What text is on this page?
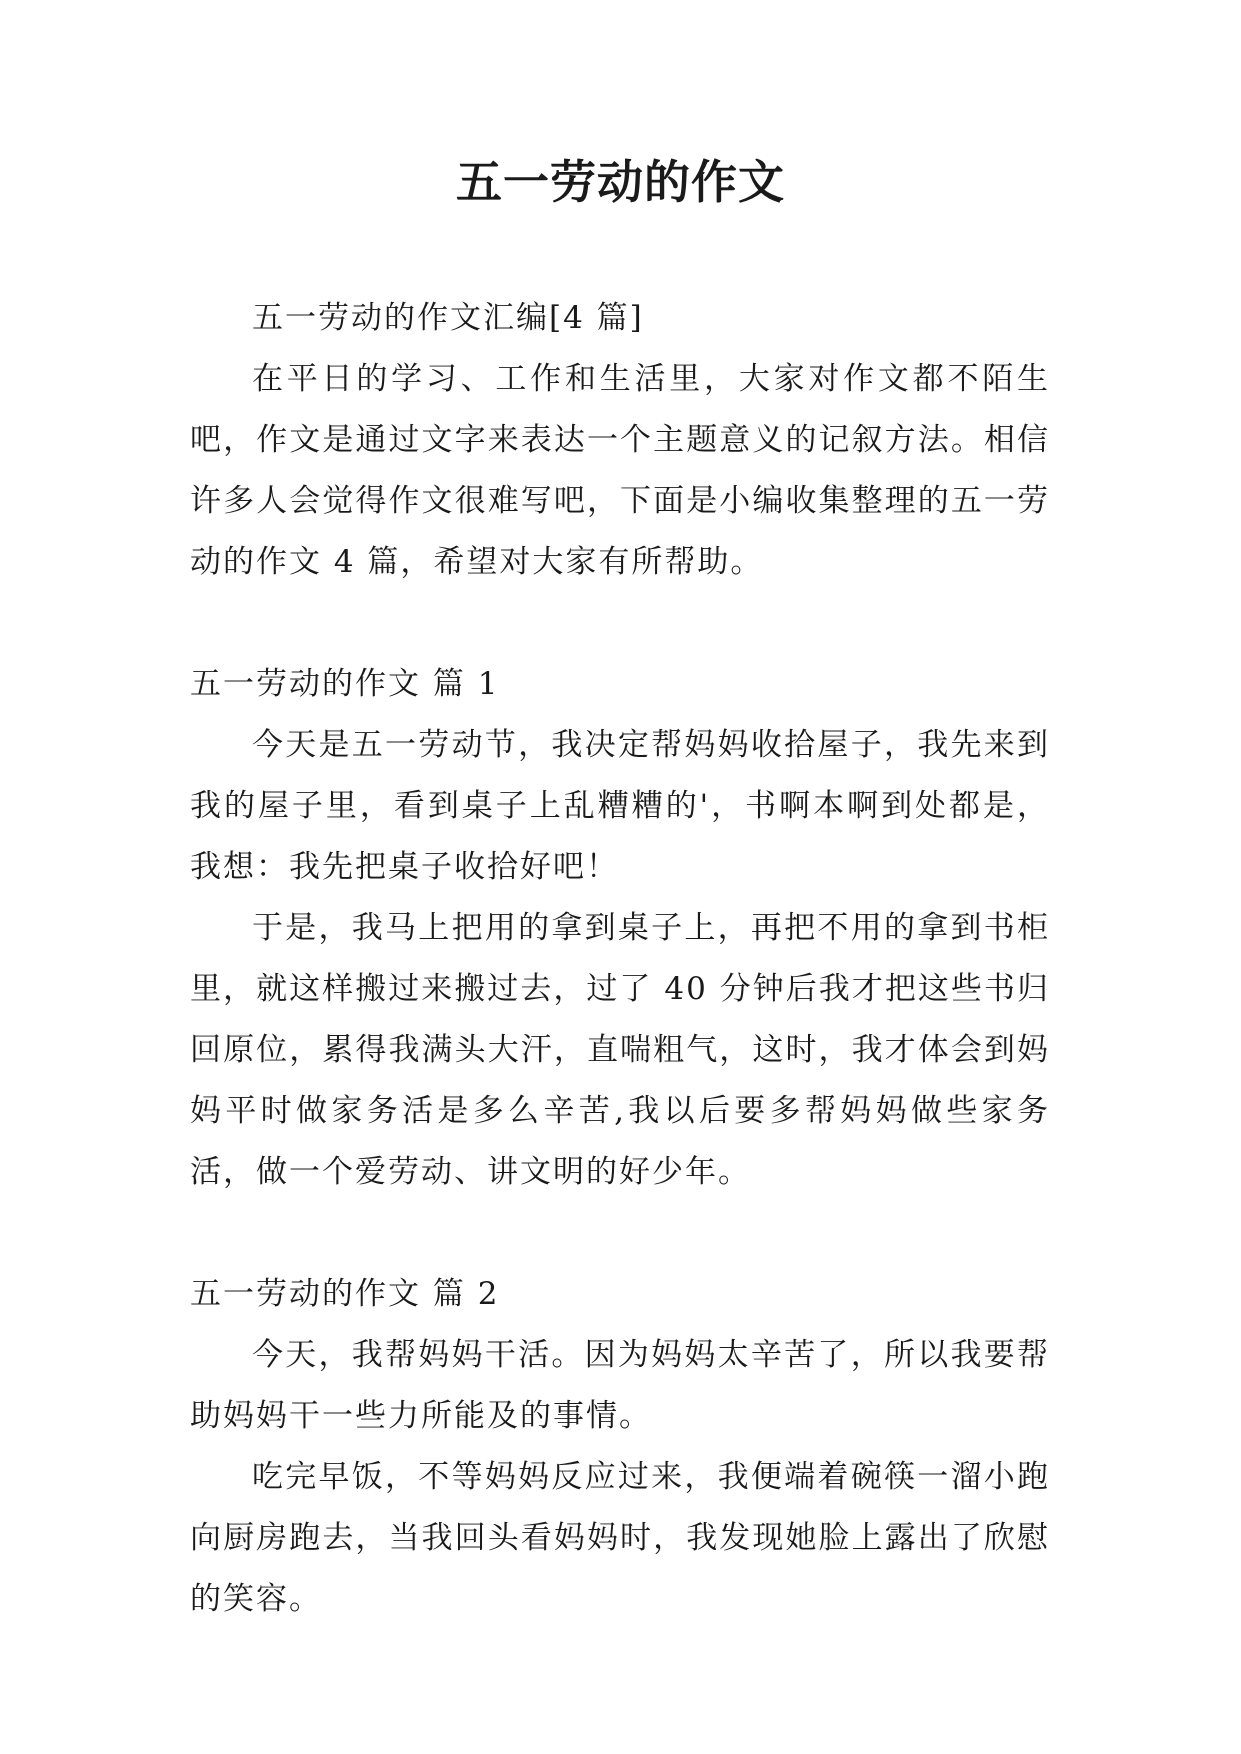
五一劳动的作文

五一劳动的作文汇编[4 篇]

在平日的学习、工作和生活里，大家对作文都不陌生吧，作文是通过文字来表达一个主题意义的记叙方法。相信许多人会觉得作文很难写吧，下面是小编收集整理的五一劳动的作文 4 篇，希望对大家有所帮助。

五一劳动的作文 篇 1

今天是五一劳动节，我决定帮妈妈收拾屋子，我先来到我的屋子里，看到桌子上乱糟糟的'，书啊本啊到处都是，我想：我先把桌子收拾好吧！

于是，我马上把用的拿到桌子上，再把不用的拿到书柜里，就这样搬过来搬过去，过了 40 分钟后我才把这些书归回原位，累得我满头大汗，直喘粗气，这时，我才体会到妈妈平时做家务活是多么辛苦,我以后要多帮妈妈做些家务活，做一个爱劳动、讲文明的好少年。

五一劳动的作文 篇 2

今天，我帮妈妈干活。因为妈妈太辛苦了，所以我要帮助妈妈干一些力所能及的事情。

吃完早饭，不等妈妈反应过来，我便端着碗筷一溜小跑向厨房跑去，当我回头看妈妈时，我发现她脸上露出了欣慰的笑容。
